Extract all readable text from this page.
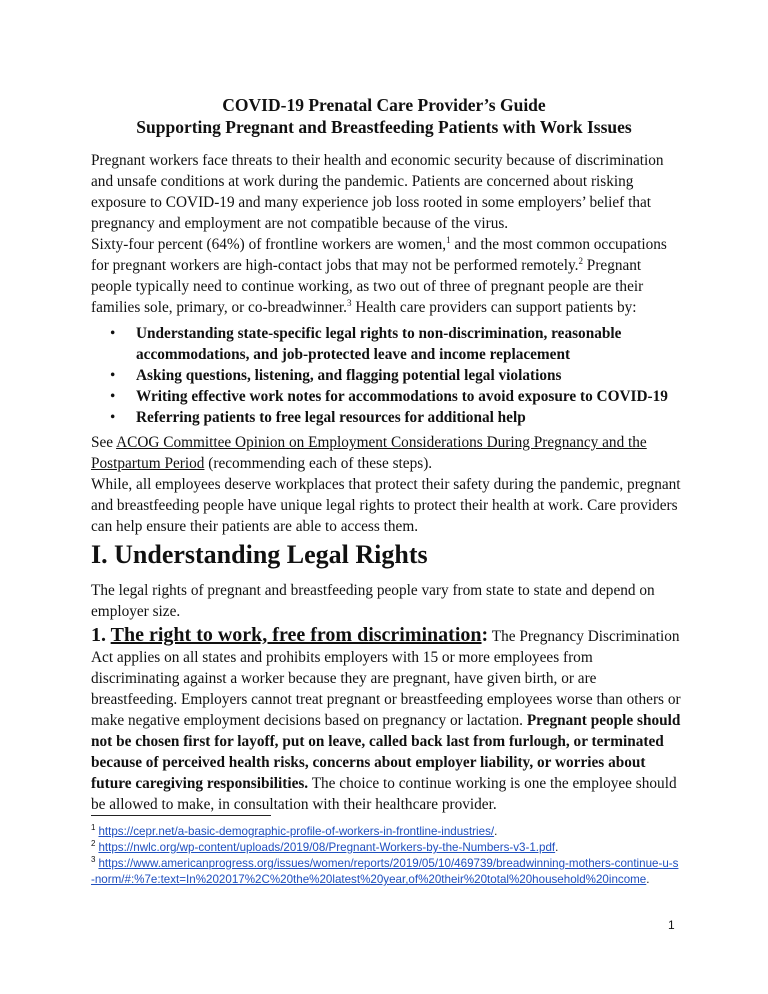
COVID-19 Prenatal Care Provider’s Guide
Supporting Pregnant and Breastfeeding Patients with Work Issues

Pregnant workers face threats to their health and economic security because of discrimination and unsafe conditions at work during the pandemic. Patients are concerned about risking exposure to COVID-19 and many experience job loss rooted in some employers’ belief that pregnancy and employment are not compatible because of the virus.

Sixty-four percent (64%) of frontline workers are women,$^1$ and the most common occupations for pregnant workers are high-contact jobs that may not be performed remotely.$^2$ Pregnant people typically need to continue working, as two out of three of pregnant people are their families sole, primary, or co-breadwinner.$^3$ Health care providers can support patients by:

• Understanding state-specific legal rights to non-discrimination, reasonable accommodations, and job-protected leave and income replacement
• Asking questions, listening, and flagging potential legal violations
• Writing effective work notes for accommodations to avoid exposure to COVID-19
• Referring patients to free legal resources for additional help

See ACOG Committee Opinion on Employment Considerations During Pregnancy and the Postpartum Period (recommending each of these steps).

While, all employees deserve workplaces that protect their safety during the pandemic, pregnant and breastfeeding people have unique legal rights to protect their health at work. Care providers can help ensure their patients are able to access them.

I. Understanding Legal Rights

The legal rights of pregnant and breastfeeding people vary from state to state and depend on employer size.

1. The right to work, free from discrimination: The Pregnancy Discrimination Act applies on all states and prohibits employers with 15 or more employees from discriminating against a worker because they are pregnant, have given birth, or are breastfeeding. Employers cannot treat pregnant or breastfeeding employees worse than others or make negative employment decisions based on pregnancy or lactation. Pregnant people should not be chosen first for layoff, put on leave, called back last from furlough, or terminated because of perceived health risks, concerns about employer liability, or worries about future caregiving responsibilities. The choice to continue working is one the employee should be allowed to make, in consultation with their healthcare provider.

$^1$ https://cepr.net/a-basic-demographic-profile-of-workers-in-frontline-industries/.
$^2$ https://nwlc.org/wp-content/uploads/2019/08/Pregnant-Workers-by-the-Numbers-v3-1.pdf.
$^3$ https://www.americanprogress.org/issues/women/reports/2019/05/10/469739/breadwinning-mothers-continue-u-s-norm/#:%7e:text=In%202017%2C%20the%20latest%20year,of%20their%20total%20household%20income.
1
